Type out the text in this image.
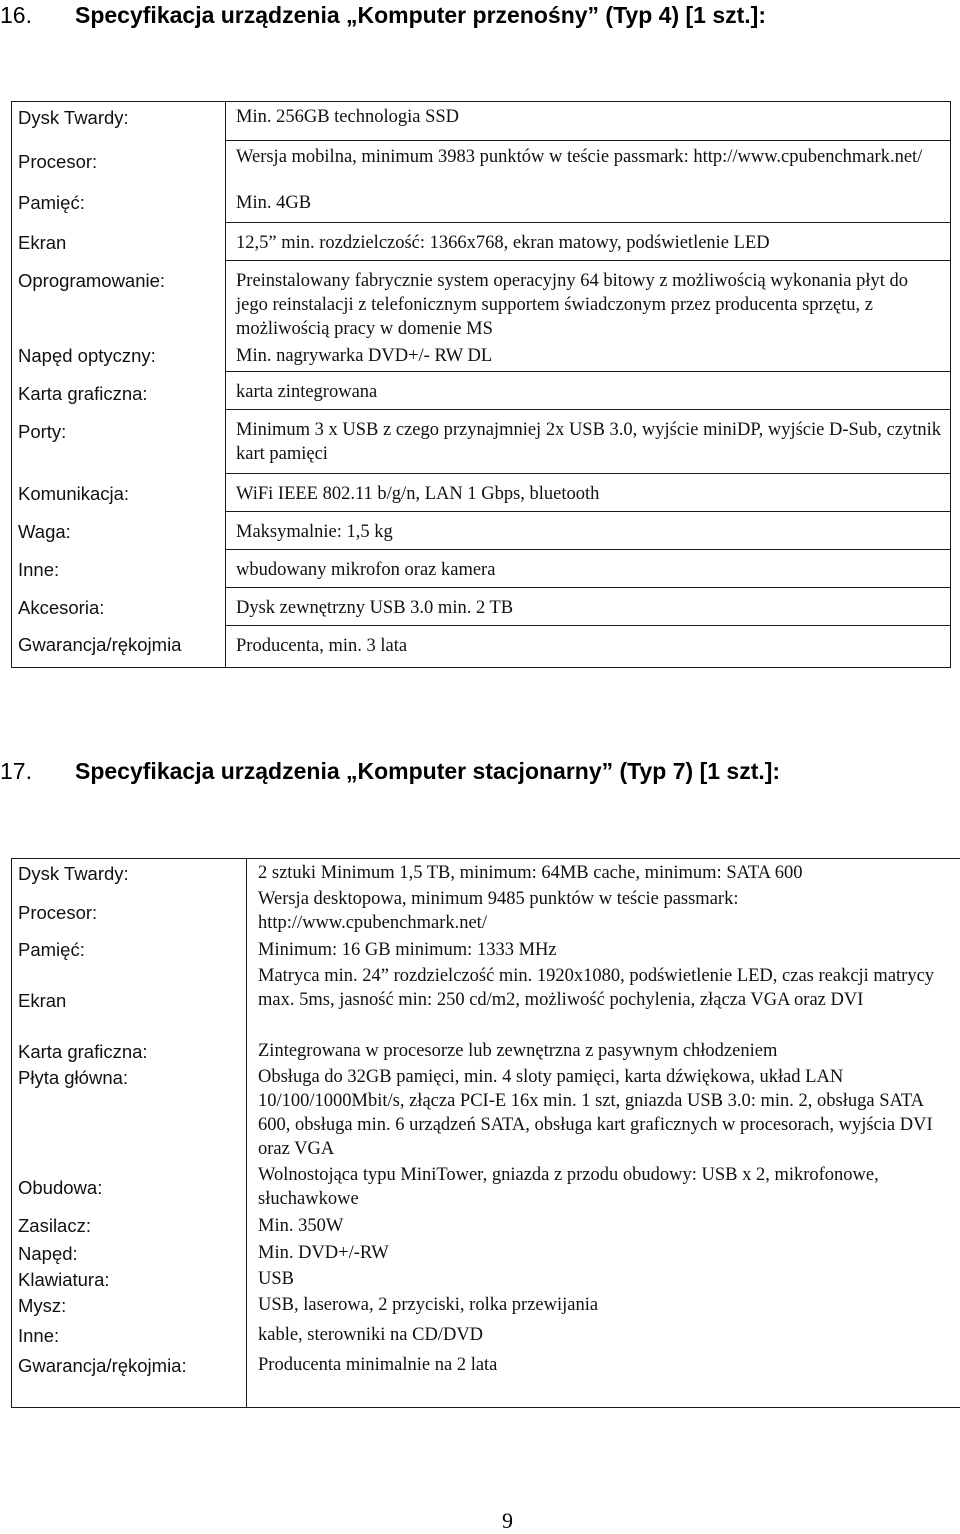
16. Specyfikacja urządzenia „Komputer przenośny” (Typ 4) [1 szt.]:
Dysk Twardy:
Procesor:
Pamięć:
Ekran
Oprogramowanie:
Napęd optyczny:
Karta graficzna:
Porty:
Komunikacja:
Waga:
Inne:
Akcesoria:
Gwarancja/rękojmia
Min. 256GB technologia SSD
Wersja mobilna, minimum 3983 punktów w teście passmark: http://www.cpubenchmark.net/
Min. 4GB
12,5” min. rozdzielczość: 1366x768, ekran matowy, podświetlenie LED
Preinstalowany fabrycznie system operacyjny 64 bitowy z możliwością wykonania płyt do jego reinstalacji z telefonicznym supportem świadczonym przez producenta sprzętu, z możliwością pracy w domenie MS
Min. nagrywarka DVD+/- RW DL
karta zintegrowana
Minimum 3 x USB z czego przynajmniej 2x USB 3.0, wyjście miniDP, wyjście D-Sub, czytnik kart pamięci
WiFi IEEE 802.11 b/g/n, LAN 1 Gbps, bluetooth
Maksymalnie: 1,5 kg
wbudowany mikrofon oraz kamera
Dysk zewnętrzny USB 3.0 min. 2 TB
Producenta, min. 3 lata
17. Specyfikacja urządzenia „Komputer stacjonarny” (Typ 7) [1 szt.]:
Dysk Twardy:
Procesor:
Pamięć:
Ekran
Karta graficzna:
Płyta główna:
Obudowa:
Zasilacz:
Napęd:
Klawiatura:
Mysz:
Inne:
Gwarancja/rękojmia:
2 sztuki Minimum 1,5 TB, minimum: 64MB cache, minimum: SATA 600
Wersja desktopowa, minimum 9485 punktów w teście passmark: http://www.cpubenchmark.net/
Minimum: 16 GB minimum: 1333 MHz
Matryca min. 24” rozdzielczość min. 1920x1080, podświetlenie LED, czas reakcji matrycy max. 5ms, jasność min: 250 cd/m2, możliwość pochylenia, złącza VGA oraz DVI
Zintegrowana w procesorze lub zewnętrzna z pasywnym chłodzeniem
Obsługa do 32GB pamięci, min. 4 sloty pamięci, karta dźwiękowa, układ LAN 10/100/1000Mbit/s, złącza PCI-E 16x min. 1 szt, gniazda USB 3.0: min. 2, obsługa SATA 600, obsługa min. 6 urządzeń SATA, obsługa kart graficznych w procesorach, wyjścia DVI oraz VGA
Wolnostojąca typu MiniTower, gniazda z przodu obudowy: USB x 2, mikrofonowe, słuchawkowe
Min. 350W
Min. DVD+/-RW
USB
USB, laserowa, 2 przyciski, rolka przewijania
kable, sterowniki na CD/DVD
Producenta minimalnie na 2 lata
9
